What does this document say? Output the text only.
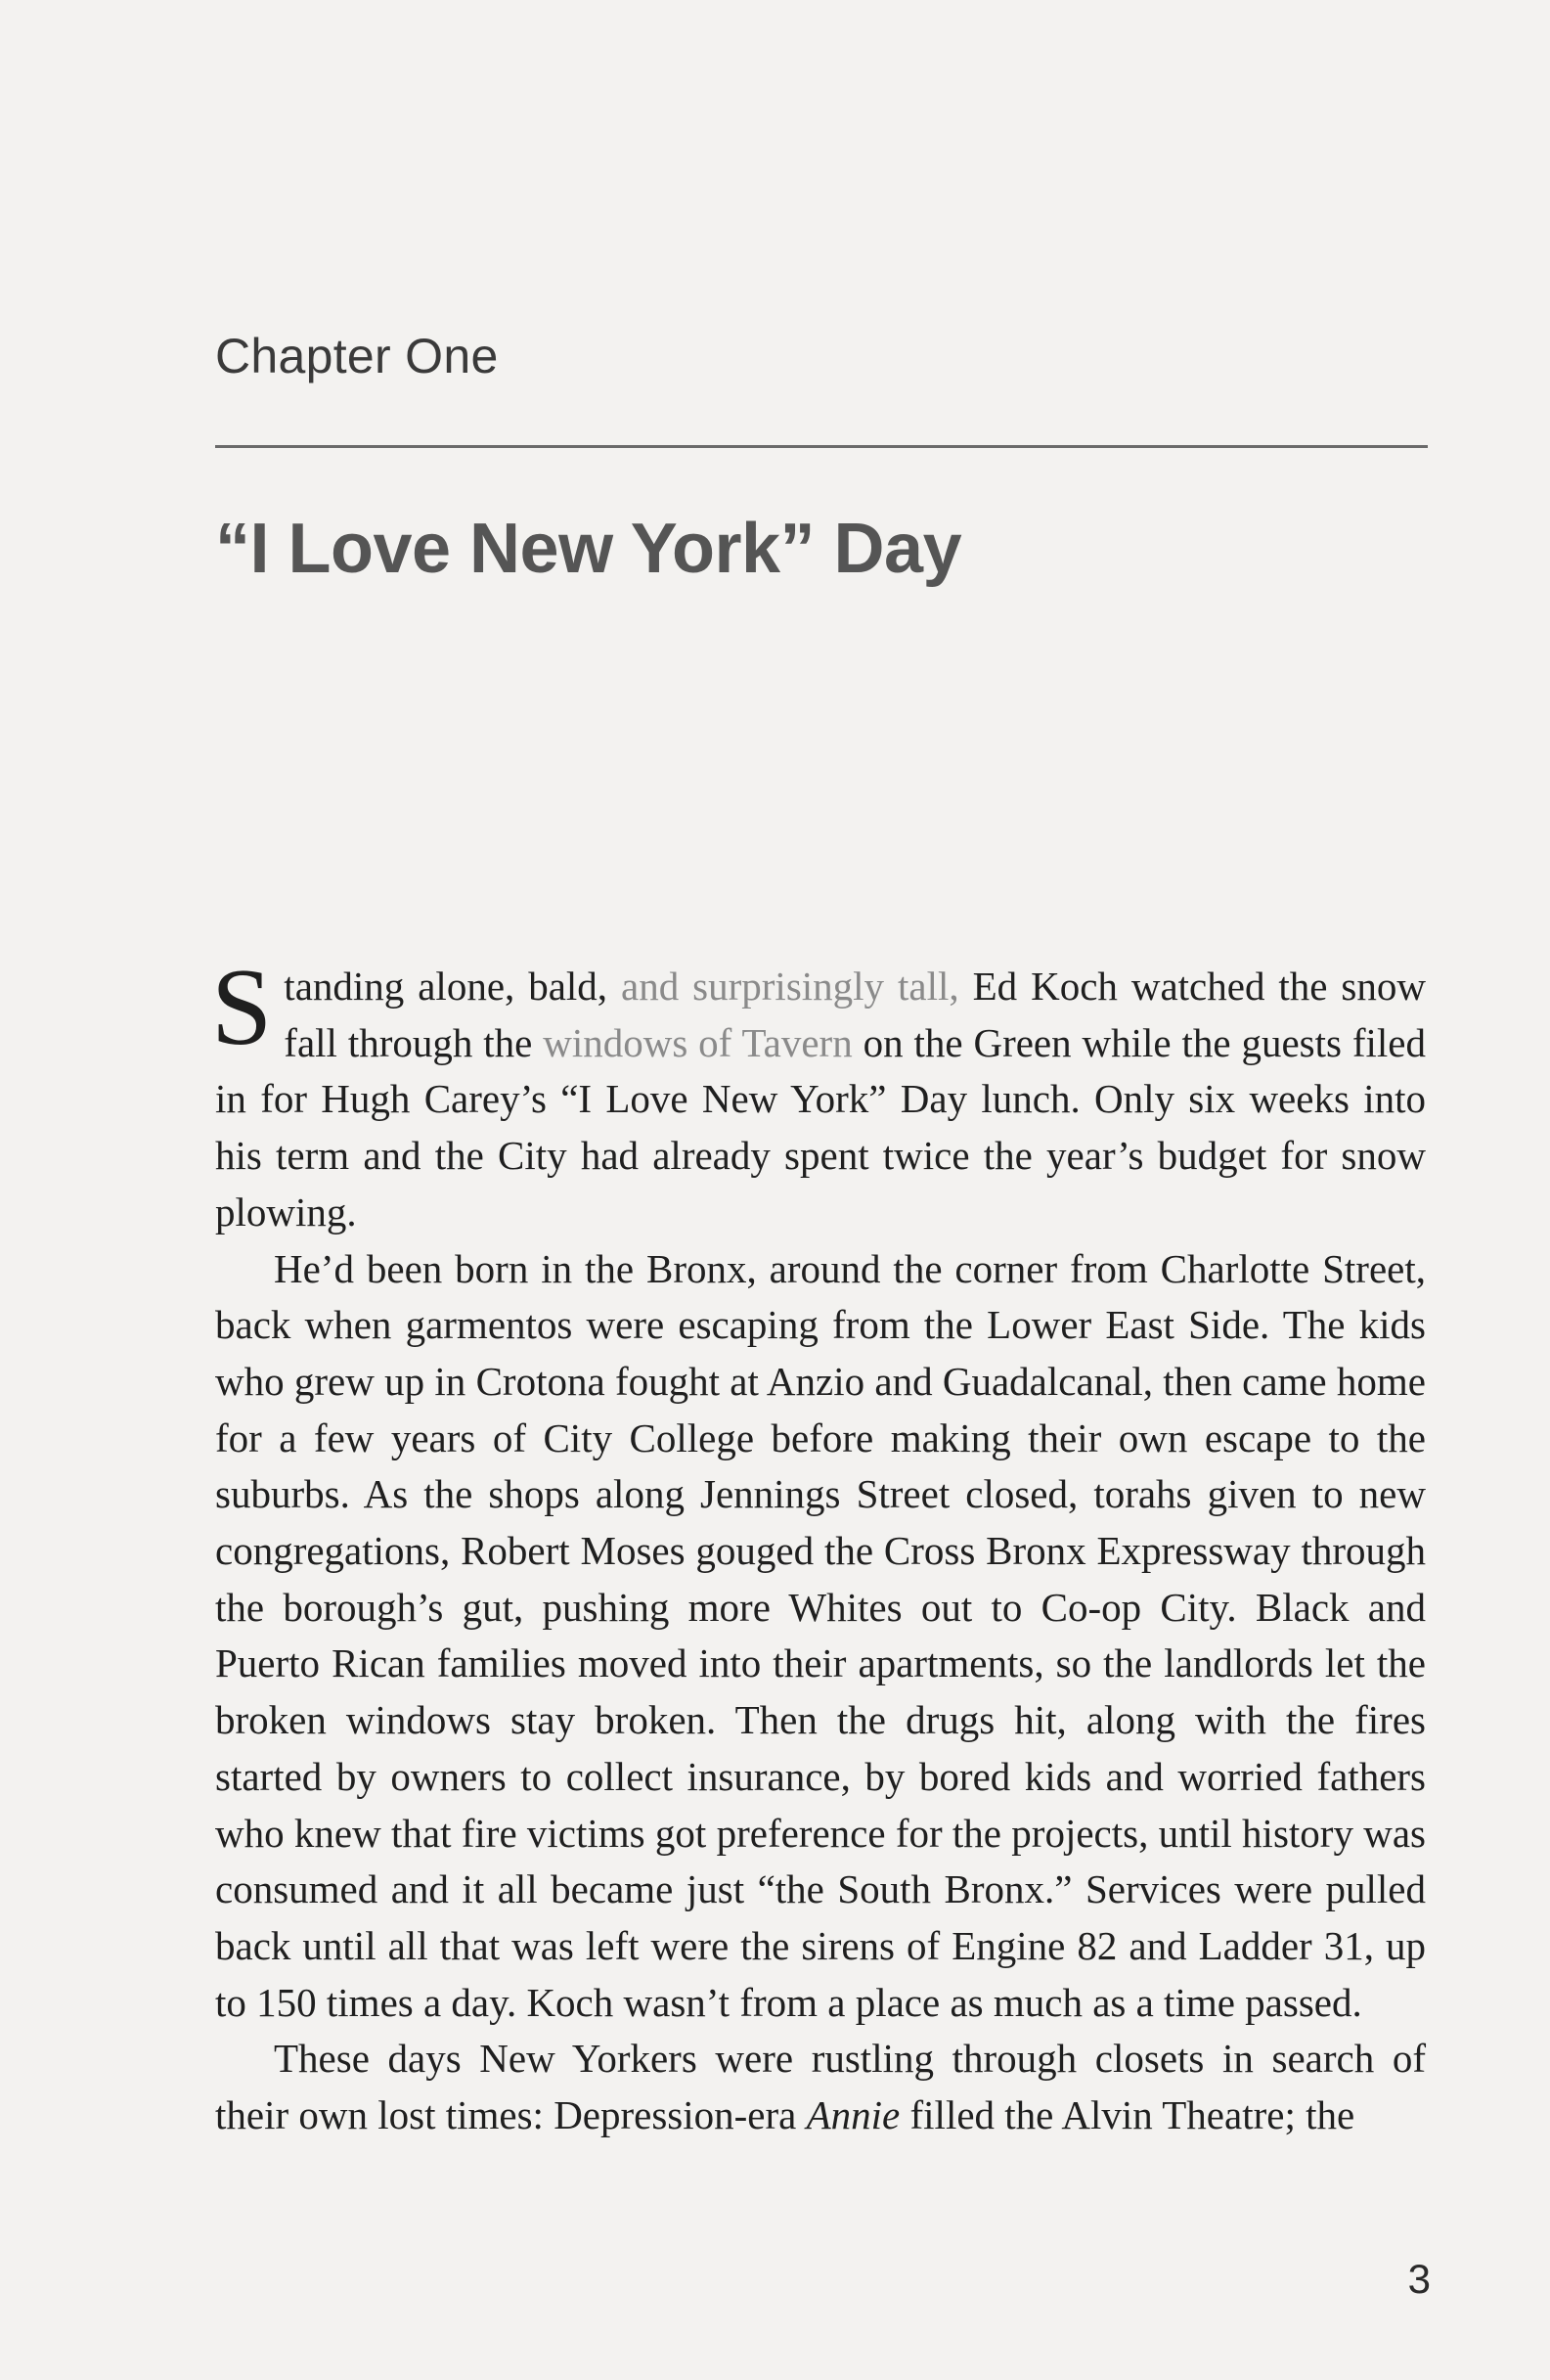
Chapter One
“I Love New York” Day

Standing alone, bald, and surprisingly tall, Ed Koch watched the snow fall through the windows of Tavern on the Green while the guests filed in for Hugh Carey’s “I Love New York” Day lunch. Only six weeks into his term and the City had already spent twice the year’s budget for snow plowing.

He’d been born in the Bronx, around the corner from Charlotte Street, back when garmentos were escaping from the Lower East Side. The kids who grew up in Crotona fought at Anzio and Guadalcanal, then came home for a few years of City College before making their own escape to the suburbs. As the shops along Jennings Street closed, torahs given to new congregations, Robert Moses gouged the Cross Bronx Expressway through the borough’s gut, pushing more Whites out to Co-op City. Black and Puerto Rican families moved into their apartments, so the landlords let the broken windows stay broken. Then the drugs hit, along with the fires started by owners to collect insurance, by bored kids and worried fathers who knew that fire victims got preference for the projects, until history was consumed and it all became just “the South Bronx.” Services were pulled back until all that was left were the sirens of Engine 82 and Ladder 31, up to 150 times a day. Koch wasn’t from a place as much as a time passed.

These days New Yorkers were rustling through closets in search of their own lost times: Depression-era Annie filled the Alvin Theatre; the

3
